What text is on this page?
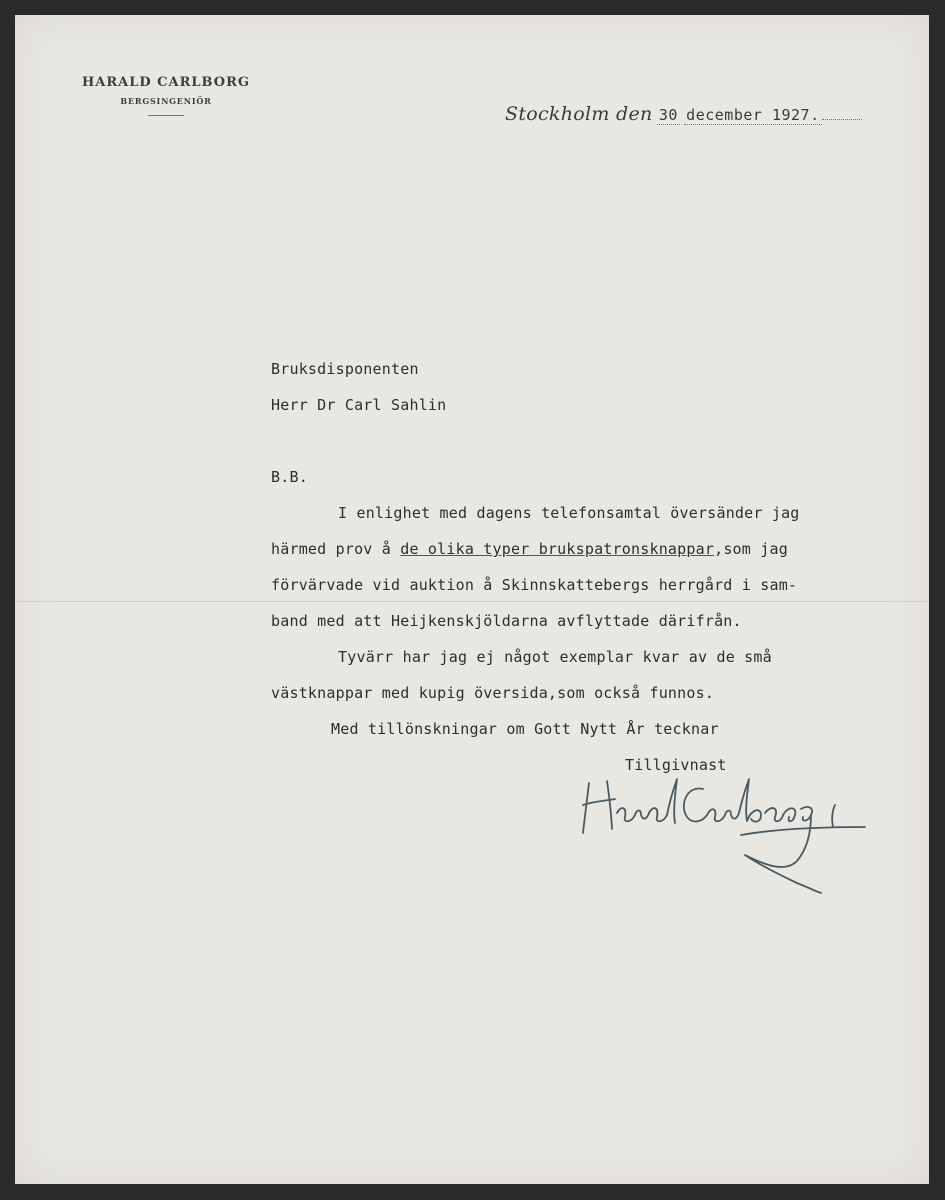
HARALD CARLBORG
BERGSINGENIÖR
Stockholm den 30 december 1927.
Bruksdisponenten
Herr Dr Carl Sahlin
B.B.
I enlighet med dagens telefonsamtal översänder jag
härmed prov å de olika typer brukspatronsknappar,som jag
förvärvade vid auktion å Skinnskattebergs herrgård i sam-
band med att Heijkenskjöldarna avflyttade därifrån.
Tyvärr har jag ej något exemplar kvar av de små
västknappar med kupig översida,som också funnos.
Med tillönskningar om Gott Nytt År tecknar
Tillgivnast
